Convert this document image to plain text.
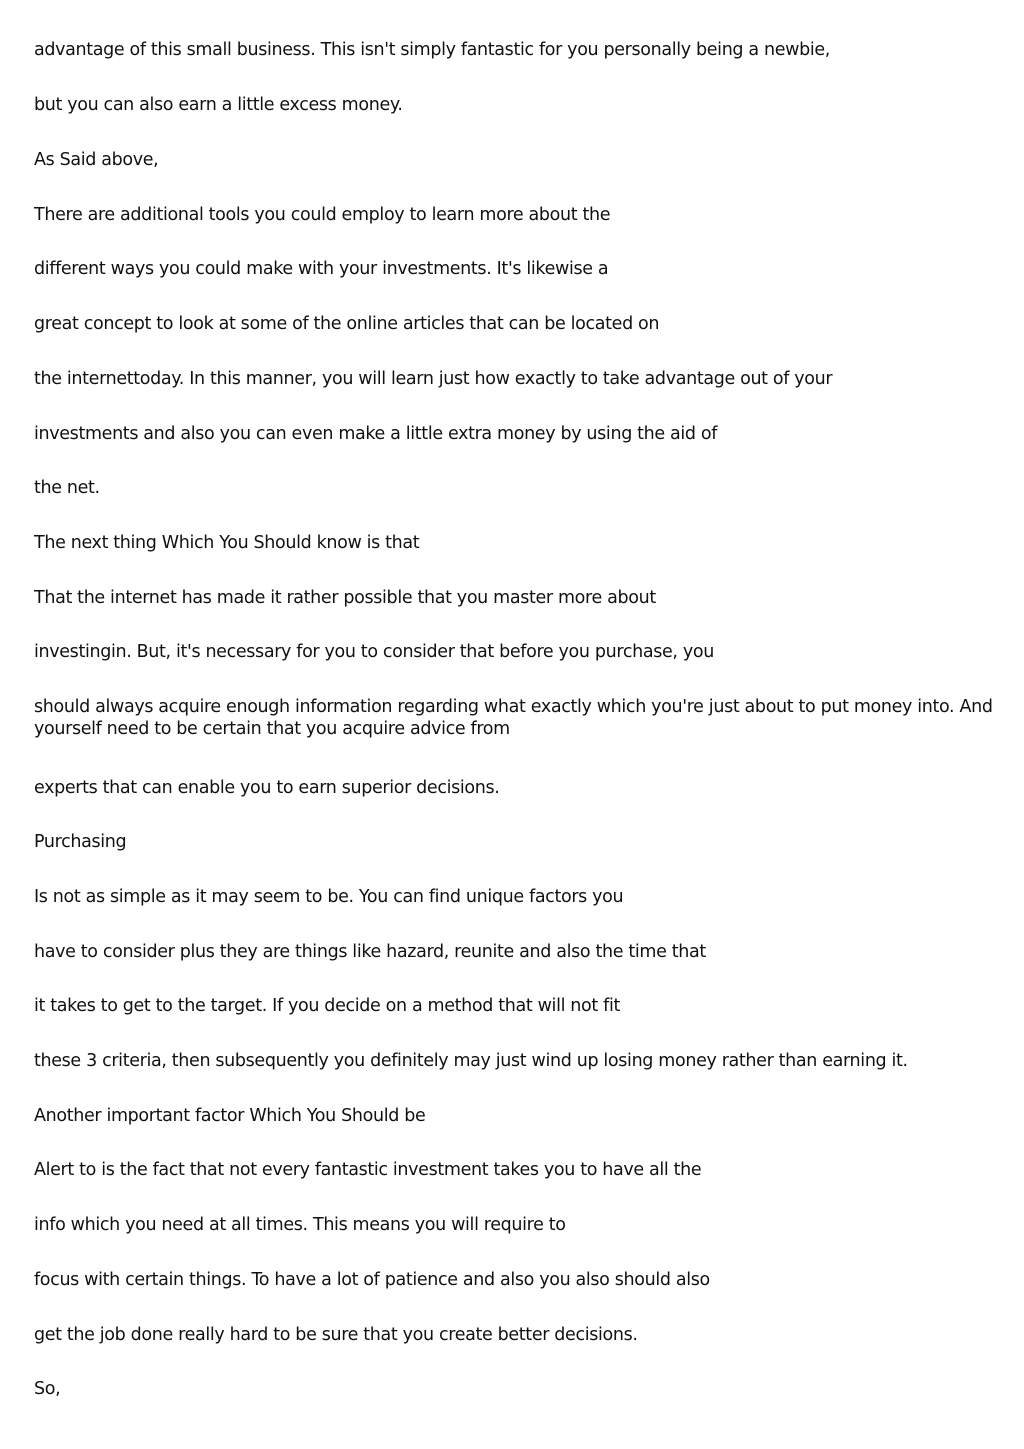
advantage of this small business. This isn't simply fantastic for you personally being a newbie,

but you can also earn a little excess money.

As Said above,

There are additional tools you could employ to learn more about the

different ways you could make with your investments. It's likewise a

great concept to look at some of the online articles that can be located on

the internettoday. In this manner, you will learn just how exactly to take advantage out of your

investments and also you can even make a little extra money by using the aid of

the net.

The next thing Which You Should know is that

That the internet has made it rather possible that you master more about

investingin. But, it's necessary for you to consider that before you purchase, you

should always acquire enough information regarding what exactly which you're just about to put money into. And yourself need to be certain that you acquire advice from

experts that can enable you to earn superior decisions.

Purchasing

Is not as simple as it may seem to be. You can find unique factors you

have to consider plus they are things like hazard, reunite and also the time that

it takes to get to the target. If you decide on a method that will not fit

these 3 criteria, then subsequently you definitely may just wind up losing money rather than earning it.

Another important factor Which You Should be

Alert to is the fact that not every fantastic investment takes you to have all the

info which you need at all times. This means you will require to

focus with certain things. To have a lot of patience and also you also should also

get the job done really hard to be sure that you create better decisions.

So,
